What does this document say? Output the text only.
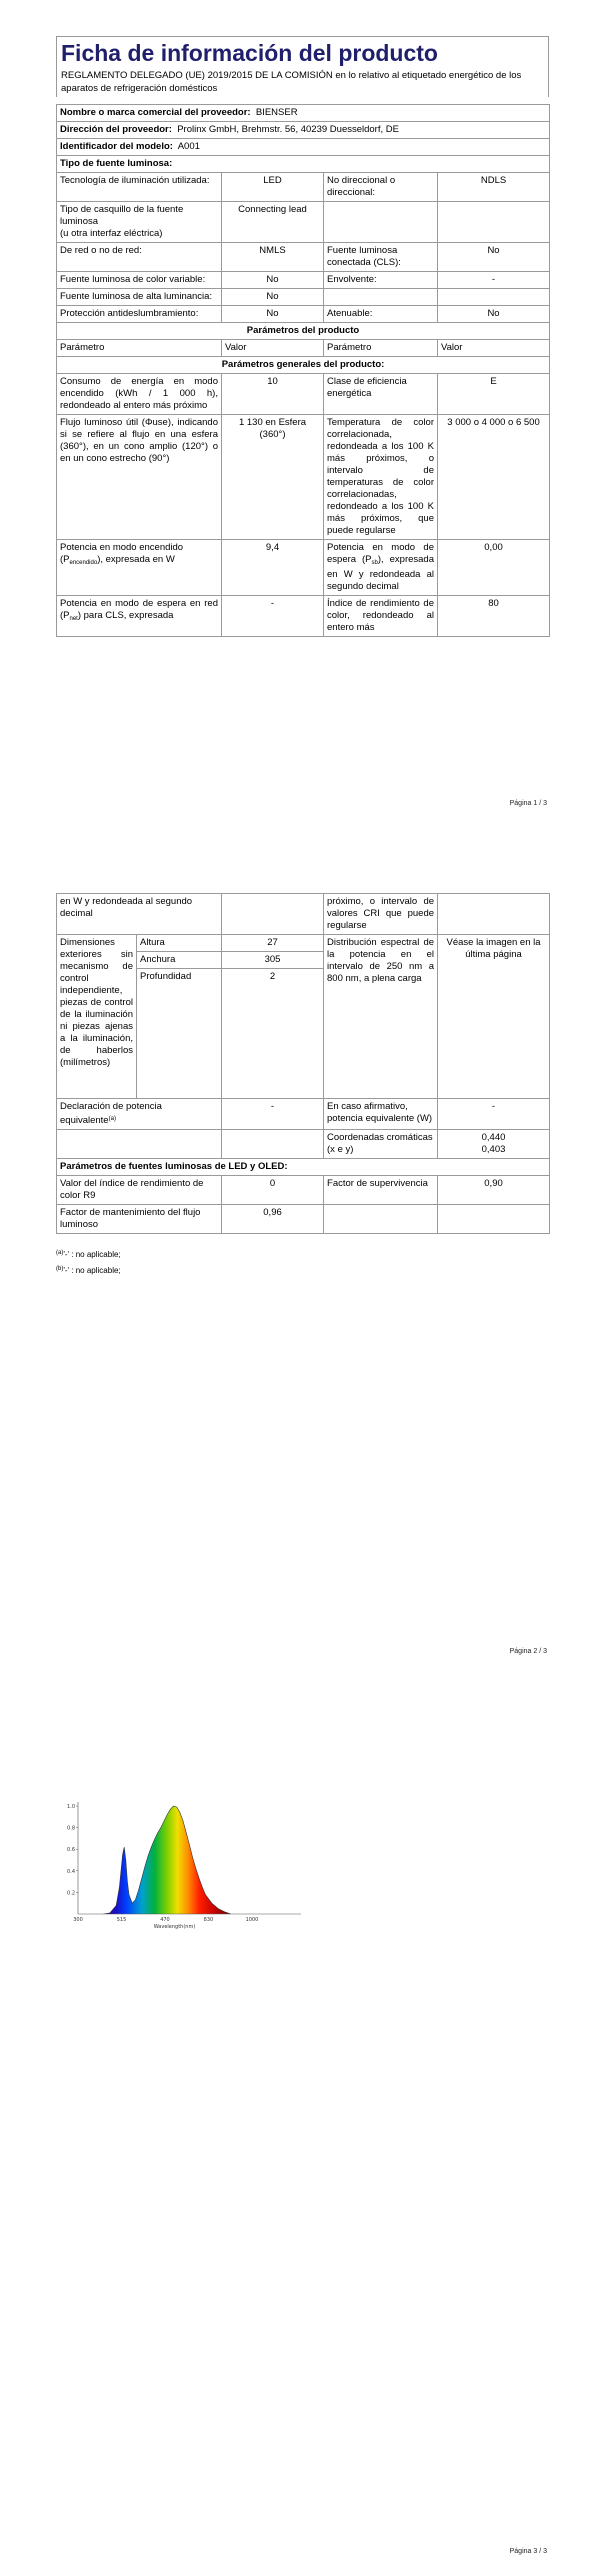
Ficha de información del producto
REGLAMENTO DELEGADO (UE) 2019/2015 DE LA COMISIÓN en lo relativo al etiquetado energético de los aparatos de refrigeración domésticos
Nombre o marca comercial del proveedor: BIENSER			
Dirección del proveedor: Prolinx GmbH, Brehmstr. 56, 40239 Duesseldorf, DE			
Identificador del modelo: A001			
Tipo de fuente luminosa:			
Tecnología de iluminación utilizada:	LED	No direccional o direccional:	NDLS

Tipo de casquillo de la fuente luminosa
(u otra interfaz eléctrica)	Connecting lead		
De red o no de red:	NMLS	Fuente luminosa conectada (CLS):	No
Fuente luminosa de color variable:	No	Envolvente:	-
Fuente luminosa de alta luminancia:	No		
Protección antideslumbramiento:	No	Atenuable:	No
Parámetros del producto			
Parámetro	Valor	Parámetro	Valor
Parámetros generales del producto:			
Consumo de energía en modo encendido (kWh / 1 000 h), redondeado al entero más próximo	10	Clase de eficiencia energética	E
Flujo luminoso útil (Φuse), indicando si se refiere al flujo en una esfera (360°), en un cono amplio (120°) o en un cono estrecho (90°)	1 130 en Esfera (360°)	Temperatura de color correlacionada, redondeada a los 100 K más próximos, o intervalo de temperaturas de color correlacionadas, redondeado a los 100 K más próximos, que puede regularse	3 000 o 4 000 o 6 500
Potencia en modo encendido $(P_{encendido})$, expresada en W	9,4	Potencia en modo de espera $(P_{sb})$, expresada en W y redondeada al segundo decimal	0,00
Potencia en modo de espera en red $(P_{net})$ para CLS, expresada	-	Índice de rendimiento de color, redondeado al entero más	80
Página 1 / 3
en W y redondeada al segundo decimal			próximo, o intervalo de valores CRI que puede regularse	
Dimensiones exteriores sin mecanismo de control independiente, piezas de control de la iluminación ni piezas ajenas a la iluminación, de haberlos (milímetros)	Altura	27	Distribución espectral de la potencia en el intervalo de 250 nm a 800 nm, a plena carga	Véase la imagen en la última página
	Anchura	305		
	Profundidad	2		
Declaración de potencia equivalente$^{(a)}$		-	En caso afirmativo, potencia equivalente (W)	-
			Coordenadas cromáticas (x e y)	0,440
0,403

Parámetros de fuentes luminosas de LED y OLED:				
Valor del índice de rendimiento de color R9		0	Factor de supervivencia	0,90
Factor de mantenimiento del flujo luminoso		0,96		
$^{(a)}$'-' : no aplicable;
$^{(b)}$'-' : no aplicable;
Página 2 / 3
0.2
0.4
0.6
0.8
1.0
300	515	470	830	1000
Wavelength(nm)
Página 3 / 3
